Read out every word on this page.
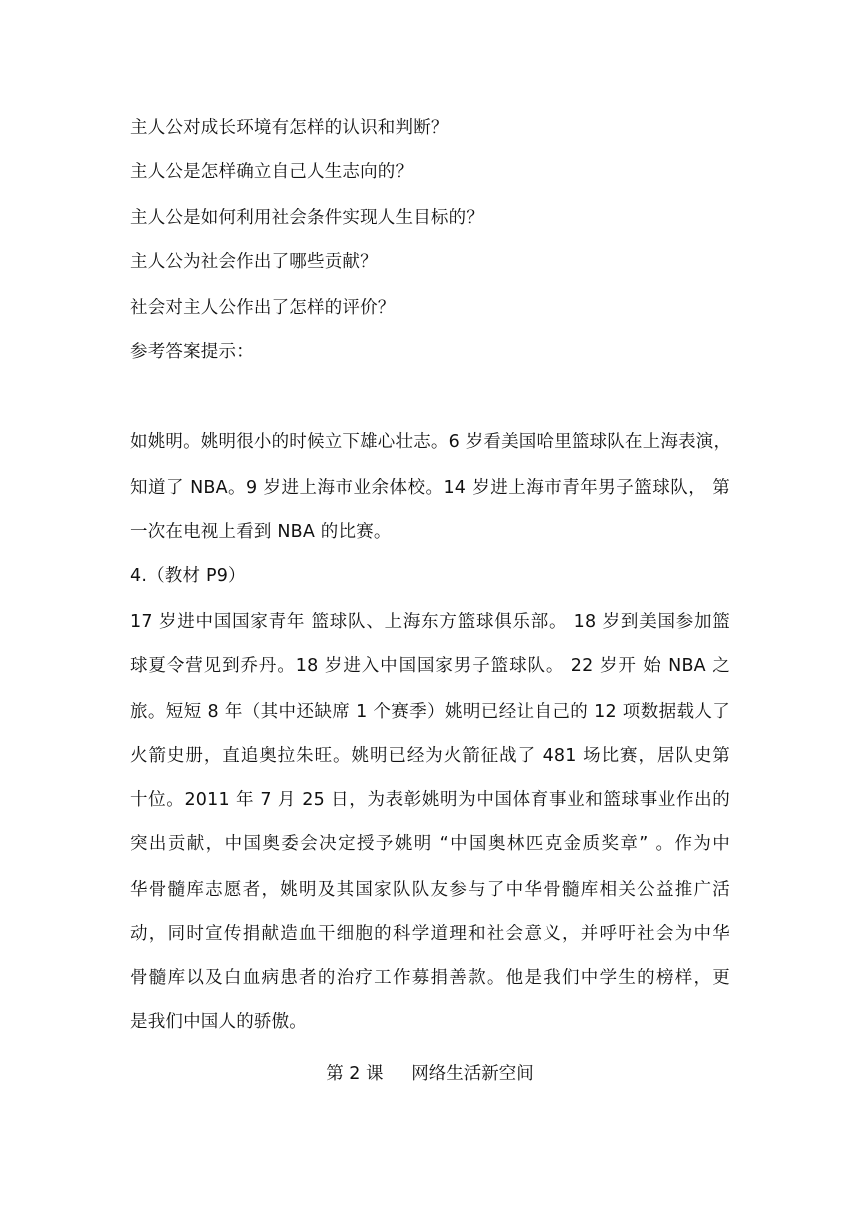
主人公对成长环境有怎样的认识和判断？
主人公是怎样确立自己人生志向的？
主人公是如何利用社会条件实现人生目标的？
主人公为社会作出了哪些贡献？
社会对主人公作出了怎样的评价？
参考答案提示：
如姚明。姚明很小的时候立下雄心壮志。6 岁看美国哈里篮球队在上海表演，
知道了 NBA。9 岁进上海市业余体校。14 岁进上海市青年男子篮球队， 第
一次在电视上看到 NBA 的比赛。
4.（教材 P9）
17 岁进中国国家青年 篮球队、上海东方篮球俱乐部。 18 岁到美国参加篮
球夏令营见到乔丹。18 岁进入中国国家男子篮球队。 22 岁开 始 NBA 之
旅。短短 8 年（其中还缺席 1 个赛季）姚明已经让自己的 12 项数据载人了
火箭史册，直追奥拉朱旺。姚明已经为火箭征战了 481 场比赛，居队史第
十位。2011 年 7 月 25 日，为表彰姚明为中国体育事业和篮球事业作出的
突出贡献，中国奥委会决定授予姚明 “中国奥林匹克金质奖章” 。作为中
华骨髓库志愿者，姚明及其国家队队友参与了中华骨髓库相关公益推广活
动，同时宣传捐献造血干细胞的科学道理和社会意义，并呼吁社会为中华
骨髓库以及白血病患者的治疗工作募捐善款。他是我们中学生的榜样，更
是我们中国人的骄傲。
第 2 课     网络生活新空间
